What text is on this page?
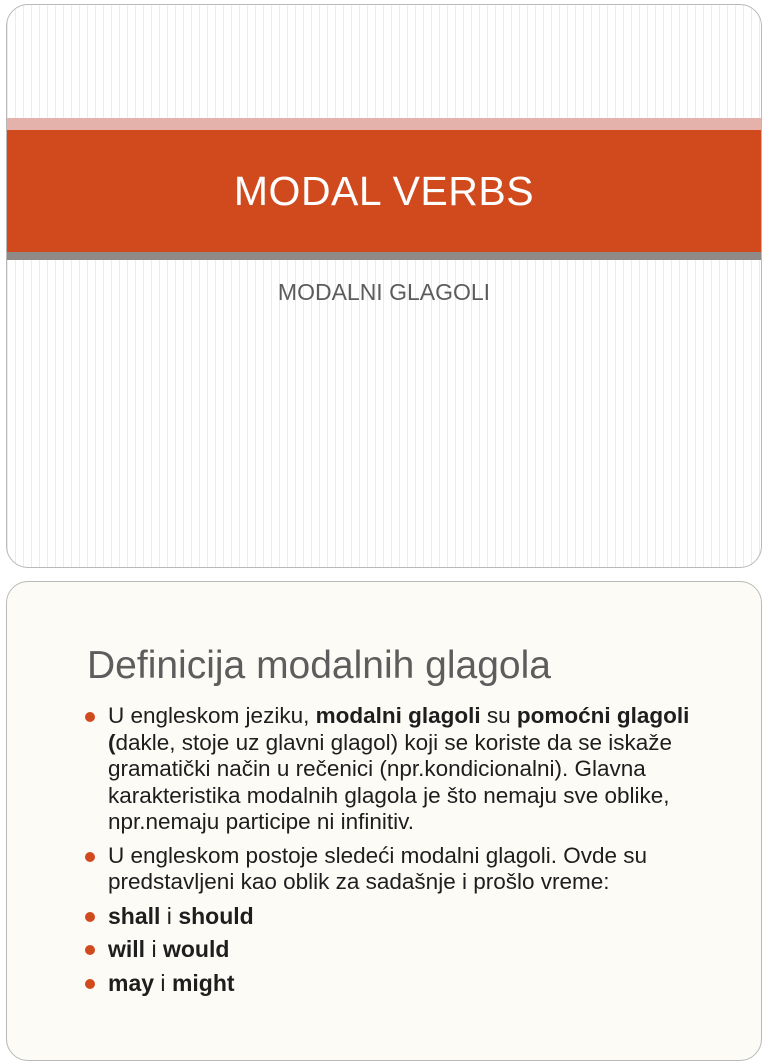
MODAL VERBS
MODALNI GLAGOLI
Definicija modalnih glagola
U engleskom jeziku, modalni glagoli su pomoćni glagoli (dakle, stoje uz glavni glagol) koji se koriste da se iskaže gramatički način u rečenici (npr.kondicionalni). Glavna karakteristika modalnih glagola je što nemaju sve oblike, npr.nemaju participe ni infinitiv.
U engleskom postoje sledeći modalni glagoli. Ovde su predstavljeni kao oblik za sadašnje i prošlo vreme:
shall i should
will i would
may i might
